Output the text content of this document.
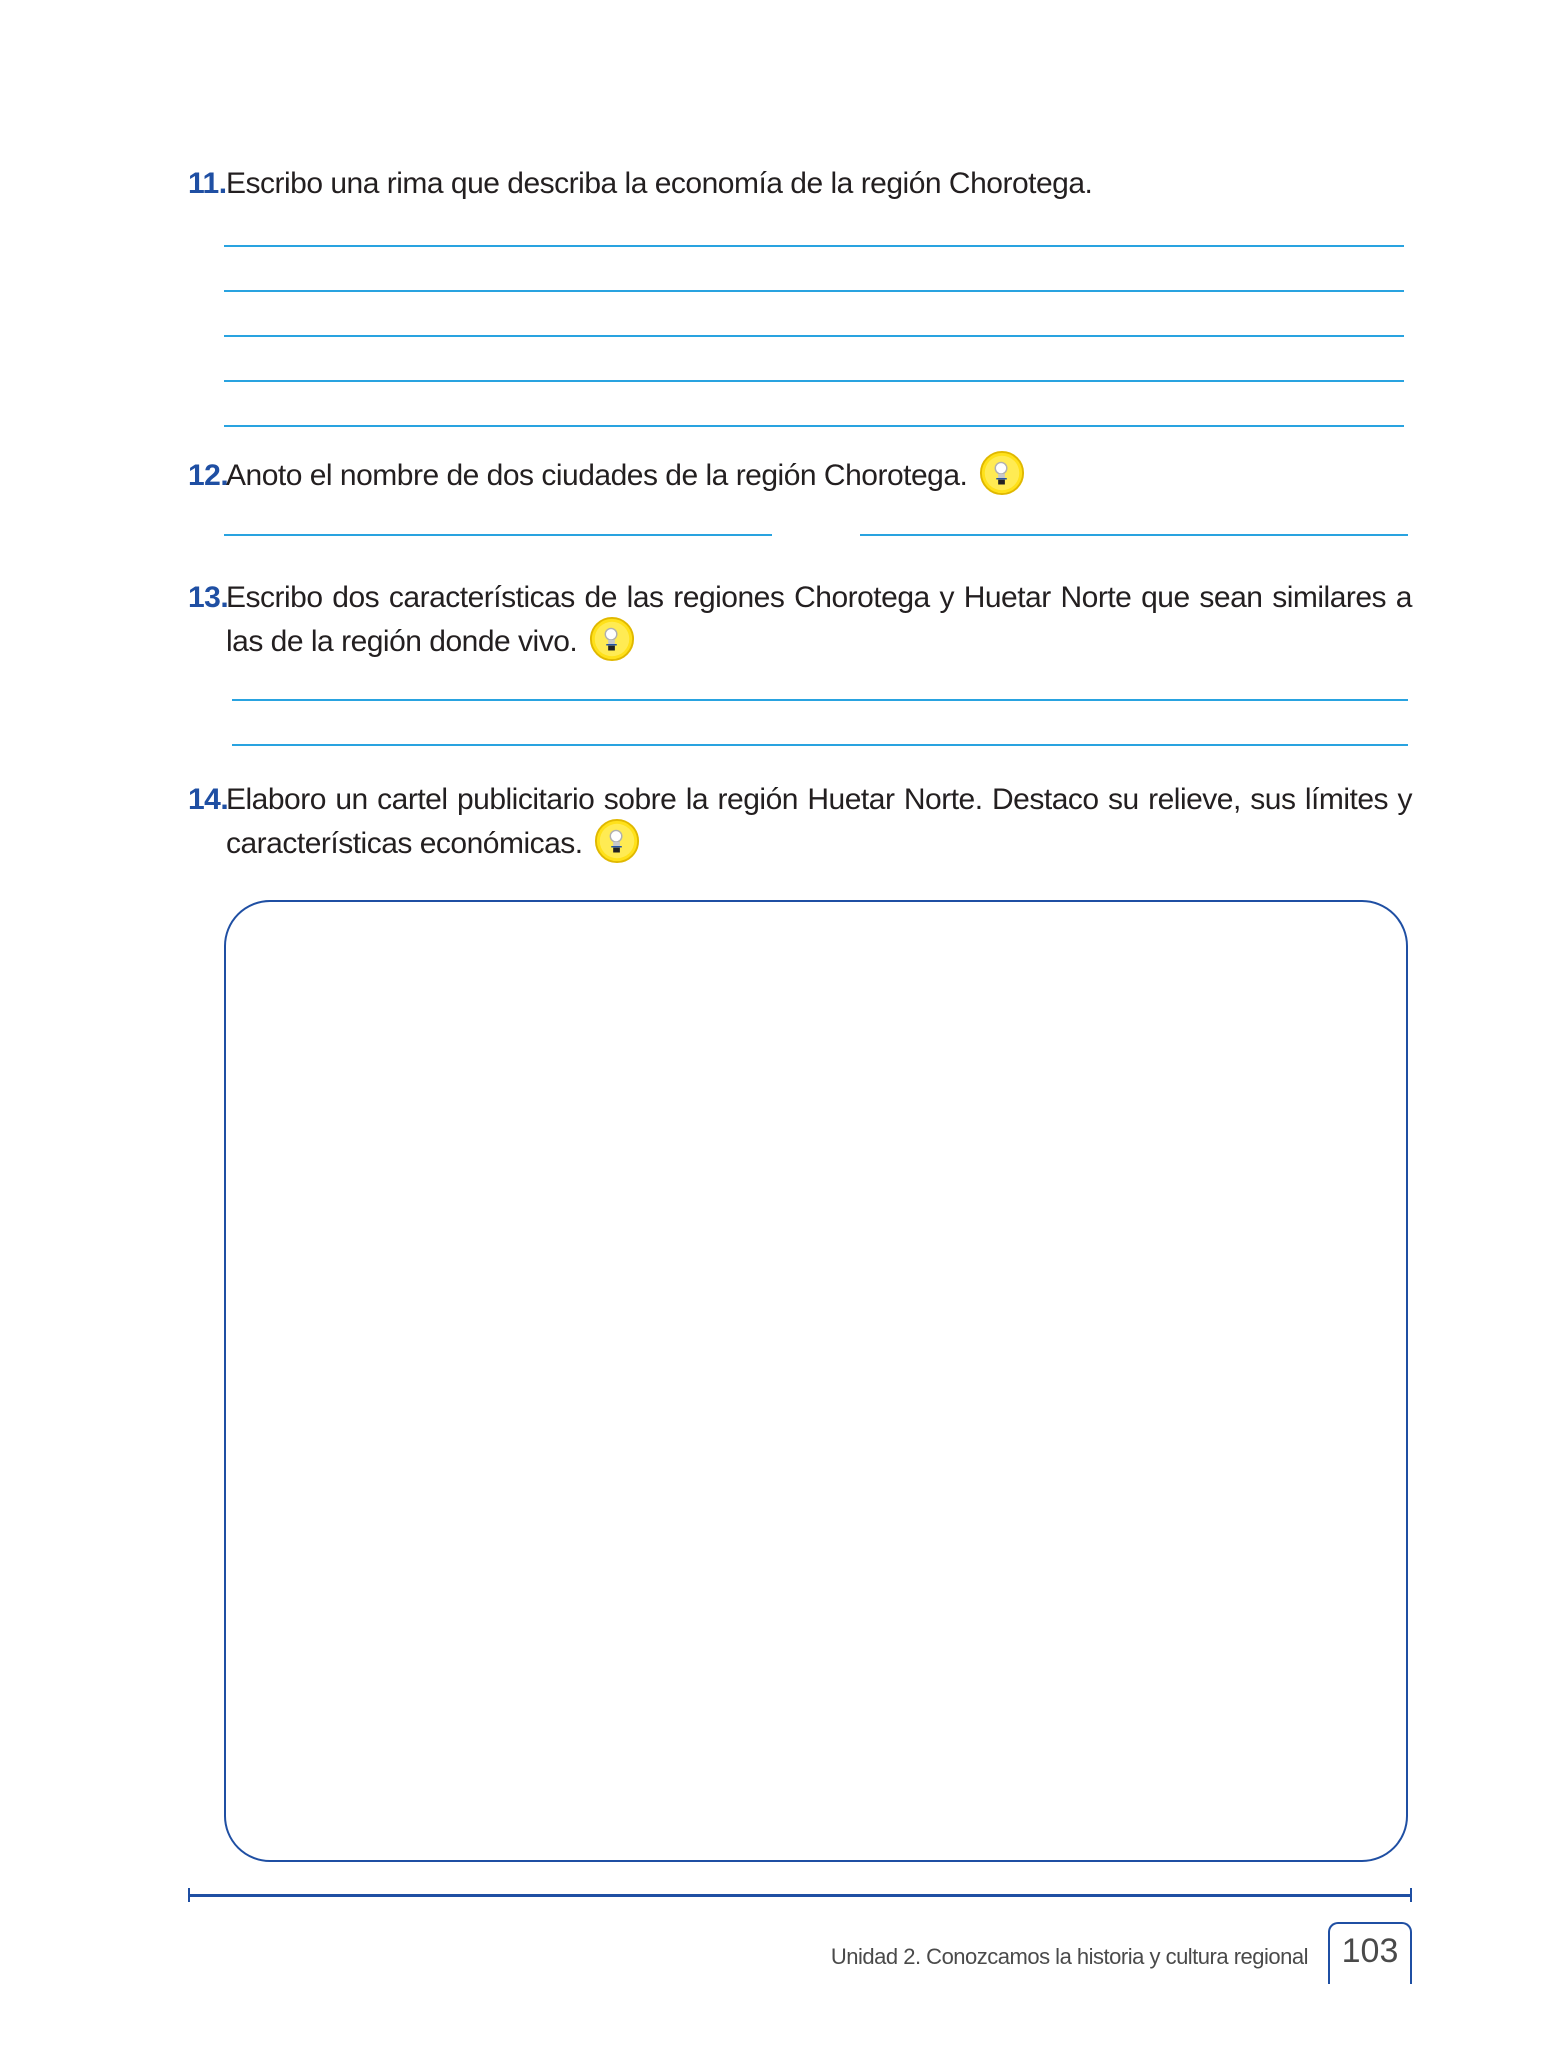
11. Escribo una rima que describa la economía de la región Chorotega.
12.
Anoto el nombre de dos ciudades de la región Chorotega.
13.
Escribo dos características de las regiones Chorotega y Huetar Norte que sean similares a las de la región donde vivo.
14.
Elaboro un cartel publicitario sobre la región Huetar Norte. Destaco su relieve, sus límites y características económicas.
Unidad 2. Conozcamos la historia y cultura regional 103
